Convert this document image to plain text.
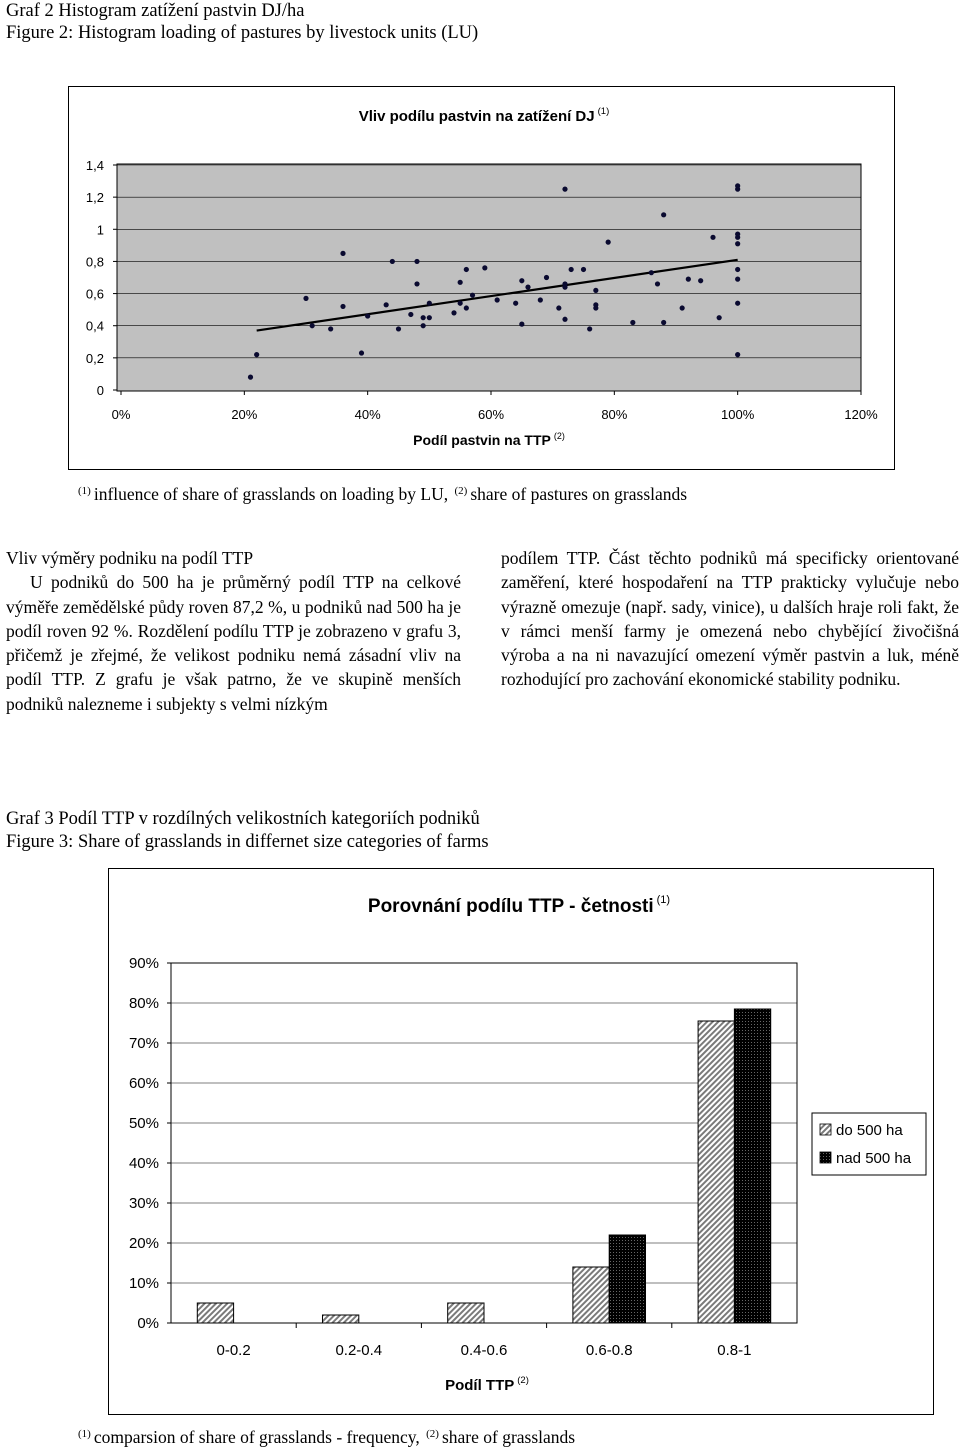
Graf 2 Histogram zatížení pastvin DJ/ha
Figure 2: Histogram loading of pastures by livestock units (LU)
Vliv podílu pastvin na zatížení DJ $^{(1)}$
0
0,2
0,4
0,6
0,8
1
1,2
1,4
0%	20%	40%	60%	80%	100%	120%
Podíl pastvin na TTP $^{(2)}$
$^{(1)}$ influence of share of grasslands on loading by LU, $^{(2)}$ share of pastures on grasslands

Vliv výměry podniku na podíl TTP

U podniků do 500 ha je průměrný podíl TTP na celkové výměře zemědělské půdy roven 87,2 %, u podniků nad 500 ha je podíl roven 92 %. Rozdělení podílu TTP je zobrazeno v grafu 3, přičemž je zřejmé, že velikost podniku nemá zásadní vliv na podíl TTP. Z grafu je však patrno, že ve skupině menších podniků nalezneme i subjekty s velmi nízkým

podílem TTP. Část těchto podniků má specificky orientované zaměření, které hospodaření na TTP prakticky vylučuje nebo výrazně omezuje (např. sady, vinice), u dalších hraje roli fakt, že v rámci menší farmy je omezená nebo chybějící živočišná výroba a na ni navazující omezení výměr pastvin a luk, méně rozhodující pro zachování ekonomické stability podniku.

Graf 3 Podíl TTP v rozdílných velikostních kategoriích podniků
Figure 3: Share of grasslands in differnet size categories of farms
Porovnání podílu TTP - četnosti $^{(1)}$
0%
10%
20%
30%
40%
50%
60%
70%
80%
90%
0-0.2	0.2-0.4	0.4-0.6	0.6-0.8	0.8-1
Podíl TTP $^{(2)}$
do 500 ha
nad 500 ha
$^{(1)}$ comparsion of share of grasslands - frequency, $^{(2)}$ share of grasslands
